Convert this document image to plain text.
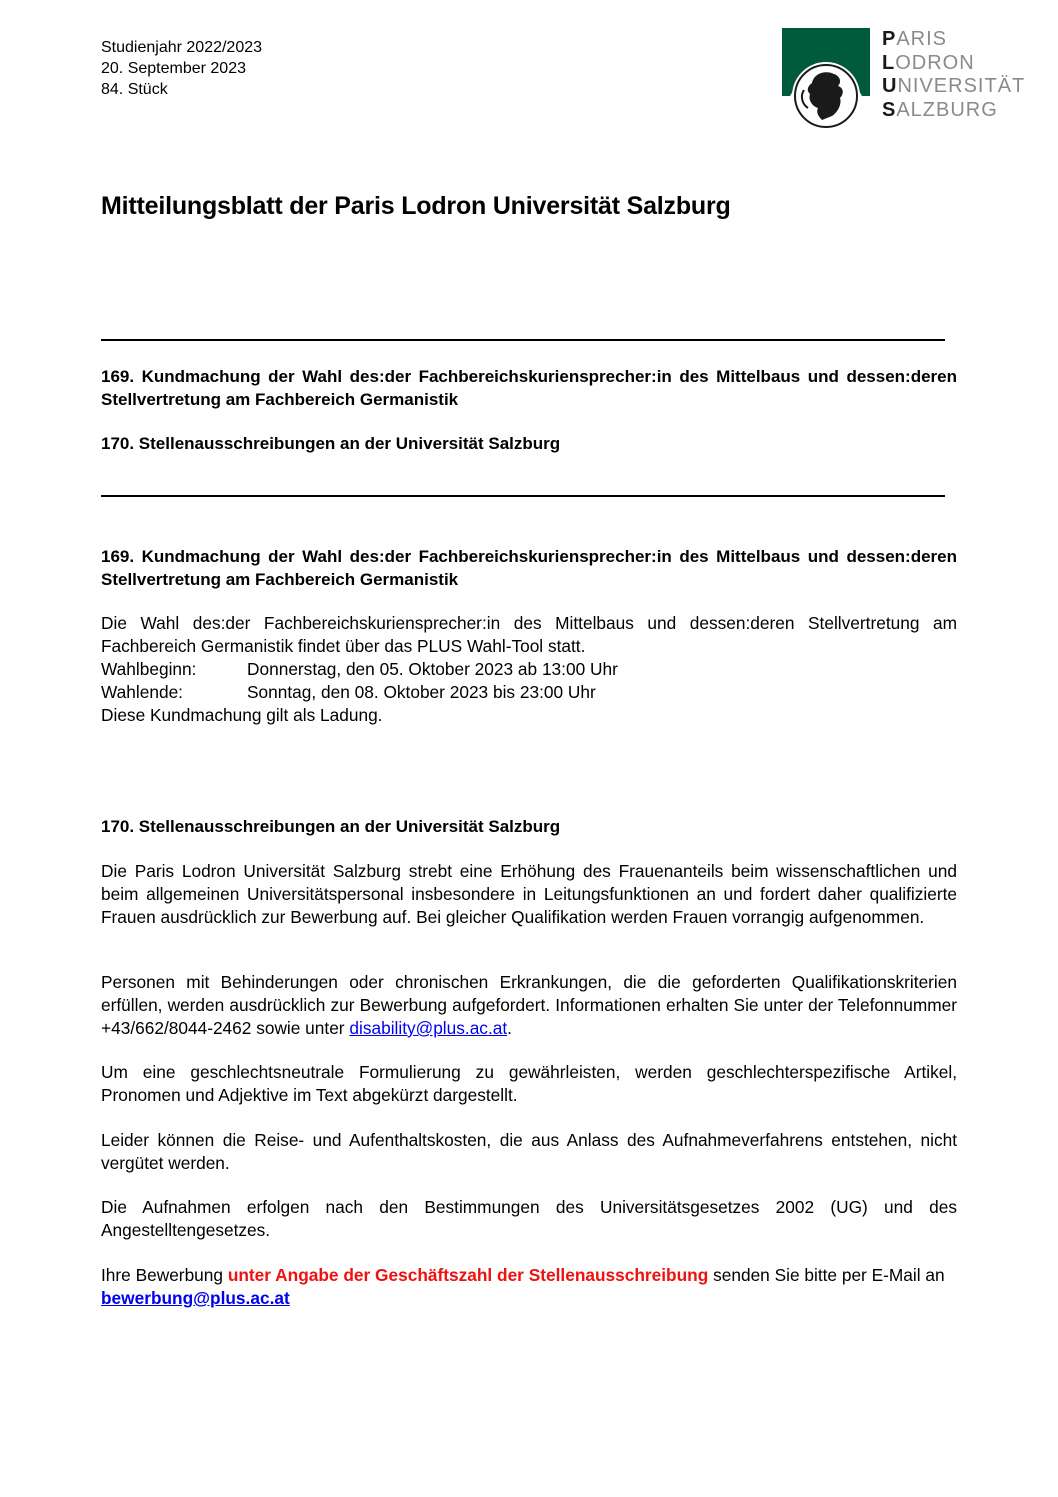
Studienjahr 2022/2023
20. September 2023
84. Stück
PARIS
LODRON
UNIVERSITÄT
SALZBURG
Mitteilungsblatt der Paris Lodron Universität Salzburg
169. Kundmachung der Wahl des:der Fachbereichskuriensprecher:in des Mittelbaus und dessen:deren Stellvertretung am Fachbereich Germanistik
170. Stellenausschreibungen an der Universität Salzburg
169. Kundmachung der Wahl des:der Fachbereichskuriensprecher:in des Mittelbaus und dessen:deren Stellvertretung am Fachbereich Germanistik
Die Wahl des:der Fachbereichskuriensprecher:in des Mittelbaus und dessen:deren Stellvertretung am Fachbereich Germanistik findet über das PLUS Wahl-Tool statt.
Wahlbeginn:	Donnerstag, den 05. Oktober 2023 ab 13:00 Uhr
Wahlende:	Sonntag, den 08. Oktober 2023 bis 23:00 Uhr
Diese Kundmachung gilt als Ladung.
170. Stellenausschreibungen an der Universität Salzburg
Die Paris Lodron Universität Salzburg strebt eine Erhöhung des Frauenanteils beim wissenschaftlichen und beim allgemeinen Universitätspersonal insbesondere in Leitungsfunktionen an und fordert daher qualifizierte Frauen ausdrücklich zur Bewerbung auf. Bei gleicher Qualifikation werden Frauen vorrangig aufgenommen.
Personen mit Behinderungen oder chronischen Erkrankungen, die die geforderten Qualifikationskriterien erfüllen, werden ausdrücklich zur Bewerbung aufgefordert. Informationen erhalten Sie unter der Telefonnummer +43/662/8044-2462 sowie unter disability@plus.ac.at.
Um eine geschlechtsneutrale Formulierung zu gewährleisten, werden geschlechterspezifische Artikel, Pronomen und Adjektive im Text abgekürzt dargestellt.
Leider können die Reise- und Aufenthaltskosten, die aus Anlass des Aufnahmeverfahrens entstehen, nicht vergütet werden.
Die Aufnahmen erfolgen nach den Bestimmungen des Universitätsgesetzes 2002 (UG) und des Angestelltengesetzes.
Ihre Bewerbung unter Angabe der Geschäftszahl der Stellenausschreibung senden Sie bitte per E-Mail an bewerbung@plus.ac.at
